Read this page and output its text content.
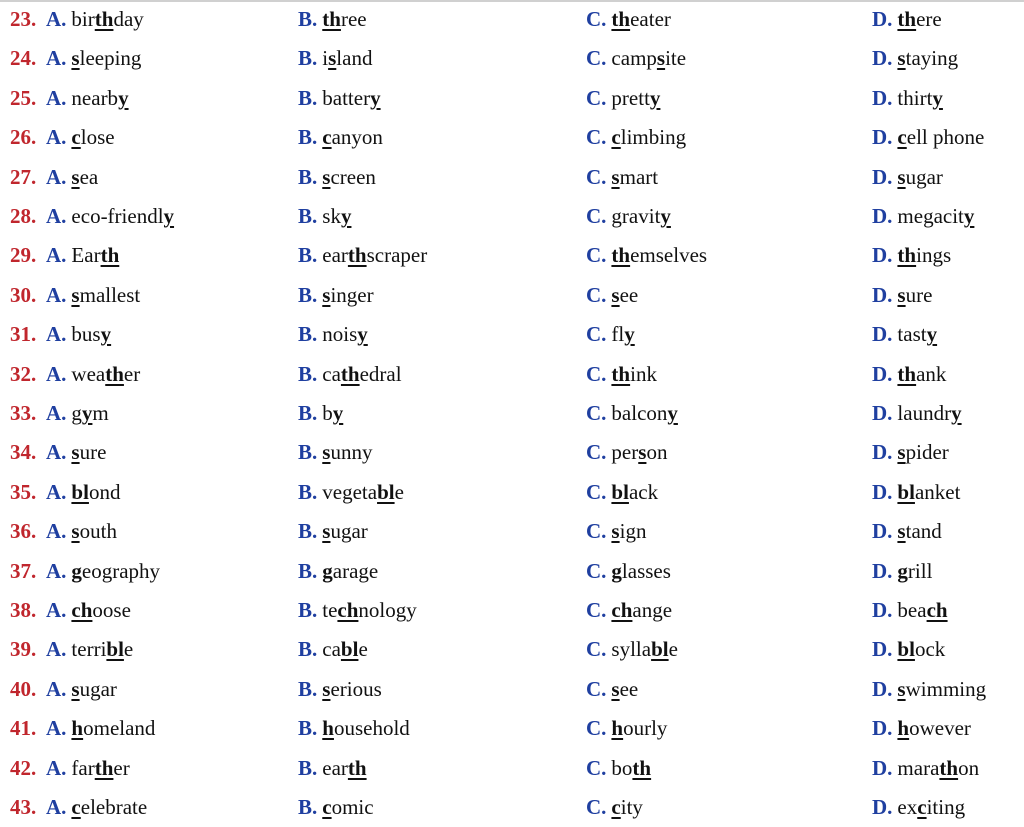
23. A. birthday	B. three	C. theater	D. there
24. A. sleeping	B. island	C. campsite	D. staying
25. A. nearby	B. battery	C. pretty	D. thirty
26. A. close	B. canyon	C. climbing	D. cell phone
27. A. sea	B. screen	C. smart	D. sugar
28. A. eco-friendly	B. sky	C. gravity	D. megacity
29. A. Earth	B. earthscraper	C. themselves	D. things
30. A. smallest	B. singer	C. see	D. sure
31. A. busy	B. noisy	C. fly	D. tasty
32. A. weather	B. cathedral	C. think	D. thank
33. A. gym	B. by	C. balcony	D. laundry
34. A. sure	B. sunny	C. person	D. spider
35. A. blond	B. vegetable	C. black	D. blanket
36. A. south	B. sugar	C. sign	D. stand
37. A. geography	B. garage	C. glasses	D. grill
38. A. choose	B. technology	C. change	D. beach
39. A. terrible	B. cable	C. syllable	D. block
40. A. sugar	B. serious	C. see	D. swimming
41. A. homeland	B. household	C. hourly	D. however
42. A. farther	B. earth	C. both	D. marathon
43. A. celebrate	B. comic	C. city	D. exciting
